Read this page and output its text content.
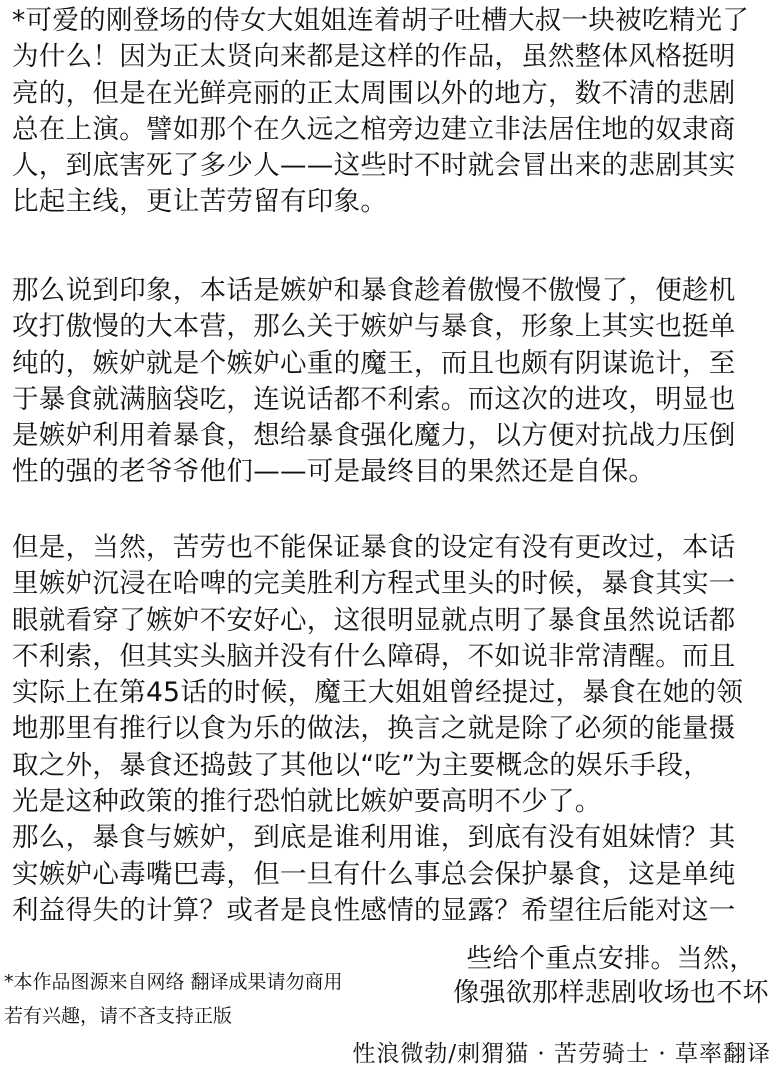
*可爱的刚登场的侍女大姐姐连着胡子吐槽大叔一块被吃精光了
为什么！因为正太贤向来都是这样的作品，虽然整体风格挺明
亮的，但是在光鲜亮丽的正太周围以外的地方，数不清的悲剧
总在上演。譬如那个在久远之棺旁边建立非法居住地的奴隶商
人，到底害死了多少人——这些时不时就会冒出来的悲剧其实
比起主线，更让苦劳留有印象。
那么说到印象，本话是嫉妒和暴食趁着傲慢不傲慢了，便趁机
攻打傲慢的大本营，那么关于嫉妒与暴食，形象上其实也挺单
纯的，嫉妒就是个嫉妒心重的魔王，而且也颇有阴谋诡计，至
于暴食就满脑袋吃，连说话都不利索。而这次的进攻，明显也
是嫉妒利用着暴食，想给暴食强化魔力，以方便对抗战力压倒
性的强的老爷爷他们——可是最终目的果然还是自保。
但是，当然，苦劳也不能保证暴食的设定有没有更改过，本话
里嫉妒沉浸在哈啤的完美胜利方程式里头的时候，暴食其实一
眼就看穿了嫉妒不安好心，这很明显就点明了暴食虽然说话都
不利索，但其实头脑并没有什么障碍，不如说非常清醒。而且
实际上在第45话的时候，魔王大姐姐曾经提过，暴食在她的领
地那里有推行以食为乐的做法，换言之就是除了必须的能量摄
取之外，暴食还捣鼓了其他以“吃”为主要概念的娱乐手段，
光是这种政策的推行恐怕就比嫉妒要高明不少了。
那么，暴食与嫉妒，到底是谁利用谁，到底有没有姐妹情？其
实嫉妒心毒嘴巴毒，但一旦有什么事总会保护暴食，这是单纯
利益得失的计算？或者是良性感情的显露？希望往后能对这一
些给个重点安排。当然，
像强欲那样悲剧收场也不坏
*本作品图源来自网络 翻译成果请勿商用
若有兴趣，请不吝支持正版
性浪微勃/刺猬猫 · 苦劳骑士 · 草率翻译
